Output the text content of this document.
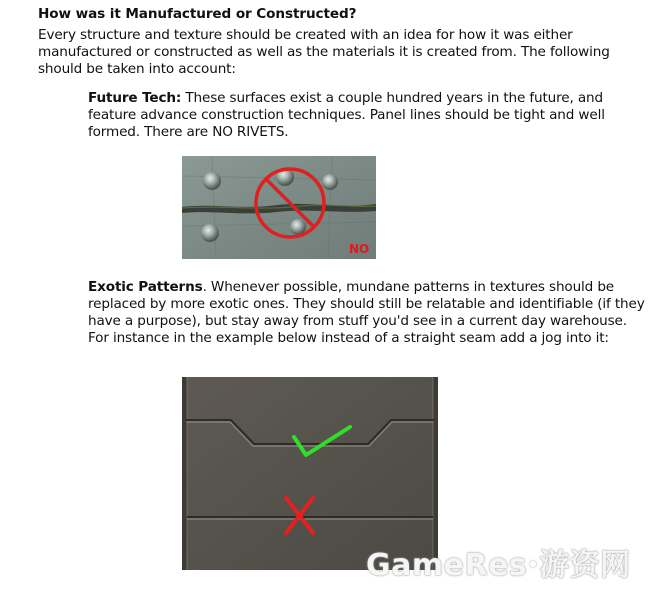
How was it Manufactured or Constructed?
Every structure and texture should be created with an idea for how it was either manufactured or constructed as well as the materials it is created from. The following should be taken into account:
Future Tech: These surfaces exist a couple hundred years in the future, and feature advance construction techniques. Panel lines should be tight and well formed. There are NO RIVETS.
NO
Exotic Patterns. Whenever possible, mundane patterns in textures should be replaced by more exotic ones. They should still be relatable and identifiable (if they have a purpose), but stay away from stuff you'd see in a current day warehouse. For instance in the example below instead of a straight seam add a jog into it:
GameRes 游资网
